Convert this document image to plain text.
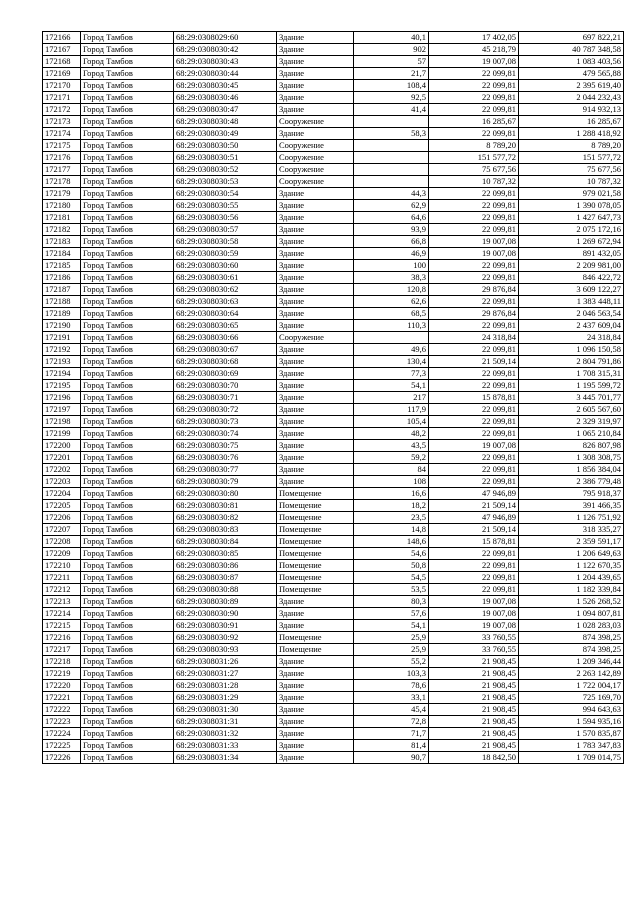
172166	Город Тамбов	68:29:0308029:60	Здание	40,1	17 402,05	697 822,21
172167	Город Тамбов	68:29:0308030:42	Здание	902	45 218,79	40 787 348,58
172168	Город Тамбов	68:29:0308030:43	Здание	57	19 007,08	1 083 403,56
172169	Город Тамбов	68:29:0308030:44	Здание	21,7	22 099,81	479 565,88
172170	Город Тамбов	68:29:0308030:45	Здание	108,4	22 099,81	2 395 619,40
172171	Город Тамбов	68:29:0308030:46	Здание	92,5	22 099,81	2 044 232,43
172172	Город Тамбов	68:29:0308030:47	Здание	41,4	22 099,81	914 932,13
172173	Город Тамбов	68:29:0308030:48	Сооружение		16 285,67	16 285,67
172174	Город Тамбов	68:29:0308030:49	Здание	58,3	22 099,81	1 288 418,92
172175	Город Тамбов	68:29:0308030:50	Сооружение		8 789,20	8 789,20
172176	Город Тамбов	68:29:0308030:51	Сооружение		151 577,72	151 577,72
172177	Город Тамбов	68:29:0308030:52	Сооружение		75 677,56	75 677,56
172178	Город Тамбов	68:29:0308030:53	Сооружение		10 787,32	10 787,32
172179	Город Тамбов	68:29:0308030:54	Здание	44,3	22 099,81	979 021,58
172180	Город Тамбов	68:29:0308030:55	Здание	62,9	22 099,81	1 390 078,05
172181	Город Тамбов	68:29:0308030:56	Здание	64,6	22 099,81	1 427 647,73
172182	Город Тамбов	68:29:0308030:57	Здание	93,9	22 099,81	2 075 172,16
172183	Город Тамбов	68:29:0308030:58	Здание	66,8	19 007,08	1 269 672,94
172184	Город Тамбов	68:29:0308030:59	Здание	46,9	19 007,08	891 432,05
172185	Город Тамбов	68:29:0308030:60	Здание	100	22 099,81	2 209 981,00
172186	Город Тамбов	68:29:0308030:61	Здание	38,3	22 099,81	846 422,72
172187	Город Тамбов	68:29:0308030:62	Здание	120,8	29 876,84	3 609 122,27
172188	Город Тамбов	68:29:0308030:63	Здание	62,6	22 099,81	1 383 448,11
172189	Город Тамбов	68:29:0308030:64	Здание	68,5	29 876,84	2 046 563,54
172190	Город Тамбов	68:29:0308030:65	Здание	110,3	22 099,81	2 437 609,04
172191	Город Тамбов	68:29:0308030:66	Сооружение		24 318,84	24 318,84
172192	Город Тамбов	68:29:0308030:67	Здание	49,6	22 099,81	1 096 150,58
172193	Город Тамбов	68:29:0308030:68	Здание	130,4	21 509,14	2 804 791,86
172194	Город Тамбов	68:29:0308030:69	Здание	77,3	22 099,81	1 708 315,31
172195	Город Тамбов	68:29:0308030:70	Здание	54,1	22 099,81	1 195 599,72
172196	Город Тамбов	68:29:0308030:71	Здание	217	15 878,81	3 445 701,77
172197	Город Тамбов	68:29:0308030:72	Здание	117,9	22 099,81	2 605 567,60
172198	Город Тамбов	68:29:0308030:73	Здание	105,4	22 099,81	2 329 319,97
172199	Город Тамбов	68:29:0308030:74	Здание	48,2	22 099,81	1 065 210,84
172200	Город Тамбов	68:29:0308030:75	Здание	43,5	19 007,08	826 807,98
172201	Город Тамбов	68:29:0308030:76	Здание	59,2	22 099,81	1 308 308,75
172202	Город Тамбов	68:29:0308030:77	Здание	84	22 099,81	1 856 384,04
172203	Город Тамбов	68:29:0308030:79	Здание	108	22 099,81	2 386 779,48
172204	Город Тамбов	68:29:0308030:80	Помещение	16,6	47 946,89	795 918,37
172205	Город Тамбов	68:29:0308030:81	Помещение	18,2	21 509,14	391 466,35
172206	Город Тамбов	68:29:0308030:82	Помещение	23,5	47 946,89	1 126 751,92
172207	Город Тамбов	68:29:0308030:83	Помещение	14,8	21 509,14	318 335,27
172208	Город Тамбов	68:29:0308030:84	Помещение	148,6	15 878,81	2 359 591,17
172209	Город Тамбов	68:29:0308030:85	Помещение	54,6	22 099,81	1 206 649,63
172210	Город Тамбов	68:29:0308030:86	Помещение	50,8	22 099,81	1 122 670,35
172211	Город Тамбов	68:29:0308030:87	Помещение	54,5	22 099,81	1 204 439,65
172212	Город Тамбов	68:29:0308030:88	Помещение	53,5	22 099,81	1 182 339,84
172213	Город Тамбов	68:29:0308030:89	Здание	80,3	19 007,08	1 526 268,52
172214	Город Тамбов	68:29:0308030:90	Здание	57,6	19 007,08	1 094 807,81
172215	Город Тамбов	68:29:0308030:91	Здание	54,1	19 007,08	1 028 283,03
172216	Город Тамбов	68:29:0308030:92	Помещение	25,9	33 760,55	874 398,25
172217	Город Тамбов	68:29:0308030:93	Помещение	25,9	33 760,55	874 398,25
172218	Город Тамбов	68:29:0308031:26	Здание	55,2	21 908,45	1 209 346,44
172219	Город Тамбов	68:29:0308031:27	Здание	103,3	21 908,45	2 263 142,89
172220	Город Тамбов	68:29:0308031:28	Здание	78,6	21 908,45	1 722 004,17
172221	Город Тамбов	68:29:0308031:29	Здание	33,1	21 908,45	725 169,70
172222	Город Тамбов	68:29:0308031:30	Здание	45,4	21 908,45	994 643,63
172223	Город Тамбов	68:29:0308031:31	Здание	72,8	21 908,45	1 594 935,16
172224	Город Тамбов	68:29:0308031:32	Здание	71,7	21 908,45	1 570 835,87
172225	Город Тамбов	68:29:0308031:33	Здание	81,4	21 908,45	1 783 347,83
172226	Город Тамбов	68:29:0308031:34	Здание	90,7	18 842,50	1 709 014,75
